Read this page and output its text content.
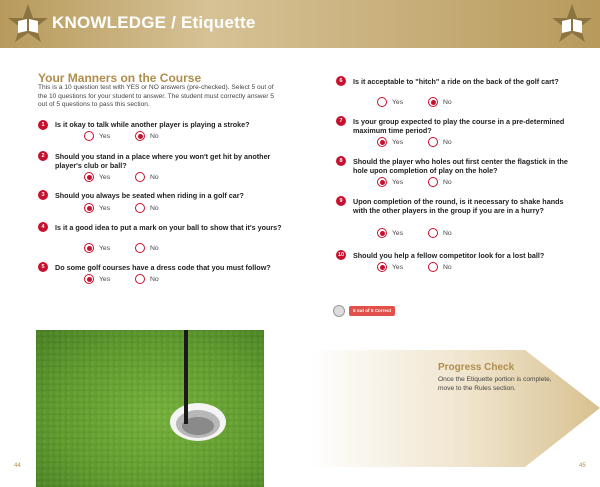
KNOWLEDGE / Etiquette
Your Manners on the Course
This is a 10 question test with YES or NO answers (pre-checked). Select 5 out of the 10 questions for your student to answer. The student must correctly answer 5 out of 5 questions to pass this section.
1	Is it okay to talk while another player is playing a stroke?
Yes	No
2	Should you stand in a place where you won't get hit by another player's club or ball?
Yes	No
3	Should you always be seated when riding in a golf car?
Yes	No
4	Is it a good idea to put a mark on your ball to show that it's yours?
Yes	No
5	Do some golf courses have a dress code that you must follow?
Yes	No
6	Is it acceptable to "hitch" a ride on the back of the golf cart?
Yes	No
7	Is your group expected to play the course in a pre-determined maximum time period?
Yes	No
8	Should the player who holes out first center the flagstick in the hole upon completion of play on the hole?
Yes	No
9	Upon completion of the round, is it necessary to shake hands with the other players in the group if you are in a hurry?
Yes	No
10 Should you help a fellow competitor look for a lost ball?
Yes	No
5 out of 5 Correct
Progress Check
Once the Etiquette portion is complete, move to the Rules section.
44	45
